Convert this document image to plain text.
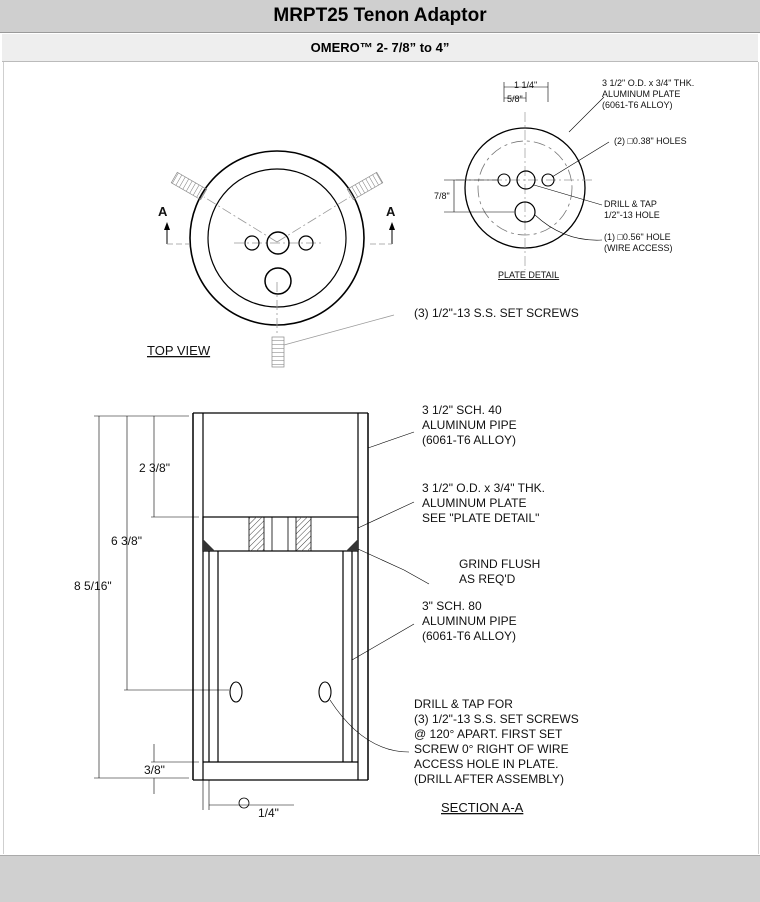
MRPT25 Tenon Adaptor
OMERO™ 2- 7/8” to 4”
A	A
(3) 1/2"-13 S.S. SET SCREWS
TOP VIEW
1 1/4"
5/8"
7/8"
3 1/2" O.D. x 3/4" THK. ALUMINUM PLATE (6061-T6 ALLOY)
(2) □0.38" HOLES
DRILL & TAP 1/2"-13 HOLE
(1) □0.56" HOLE (WIRE ACCESS)
PLATE DETAIL
2 3/8"
6 3/8"
8 5/16"
3/8"
1/4"
3 1/2" SCH. 40 ALUMINUM PIPE (6061-T6 ALLOY)
3 1/2" O.D. x 3/4" THK. ALUMINUM PLATE SEE "PLATE DETAIL"
GRIND FLUSH AS REQ'D
3" SCH. 80 ALUMINUM PIPE (6061-T6 ALLOY)
DRILL & TAP FOR (3) 1/2"-13 S.S. SET SCREWS @ 120° APART. FIRST SET SCREW 0° RIGHT OF WIRE ACCESS HOLE IN PLATE. (DRILL AFTER ASSEMBLY)
SECTION A-A
